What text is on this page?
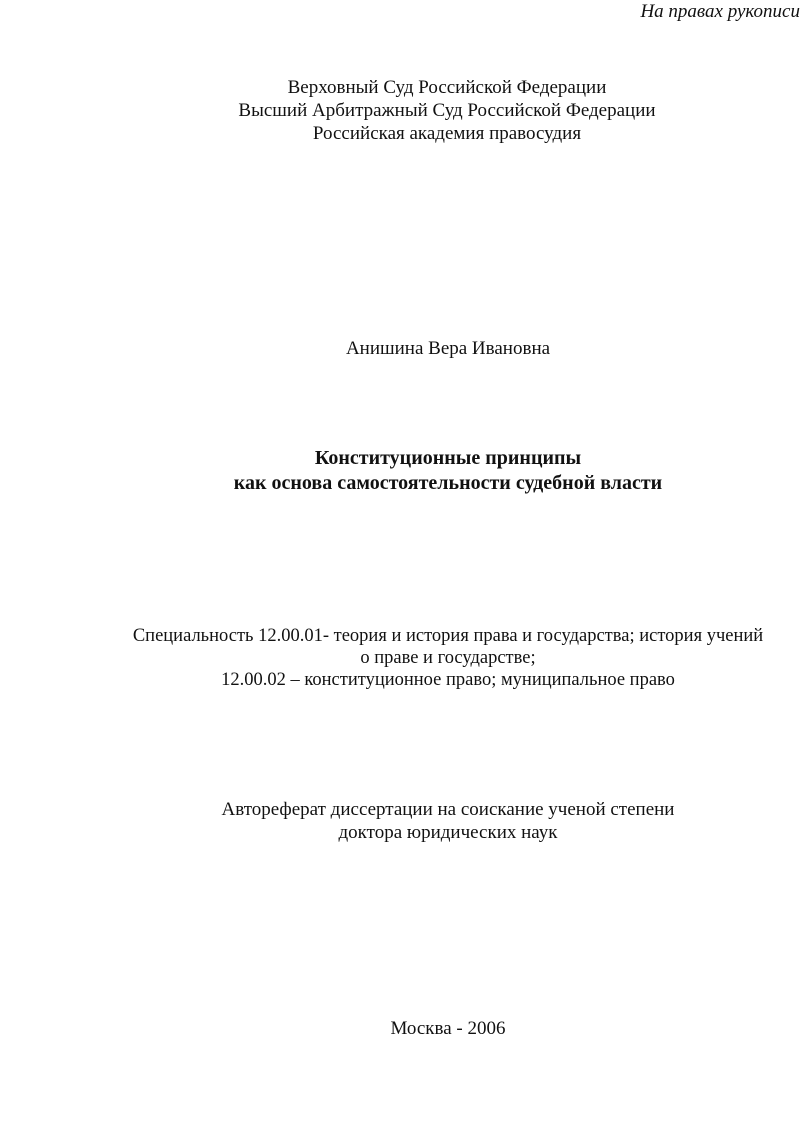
Верховный Суд Российской Федерации
Высший Арбитражный Суд Российской Федерации
Российская академия правосудия
На правах рукописи
Анишина Вера Ивановна
Конституционные принципы
как основа самостоятельности судебной власти
Специальность 12.00.01- теория и история права и государства; история учений
о праве и государстве;
12.00.02 – конституционное право; муниципальное право
Автореферат диссертации на соискание ученой степени
доктора юридических наук
Москва - 2006
